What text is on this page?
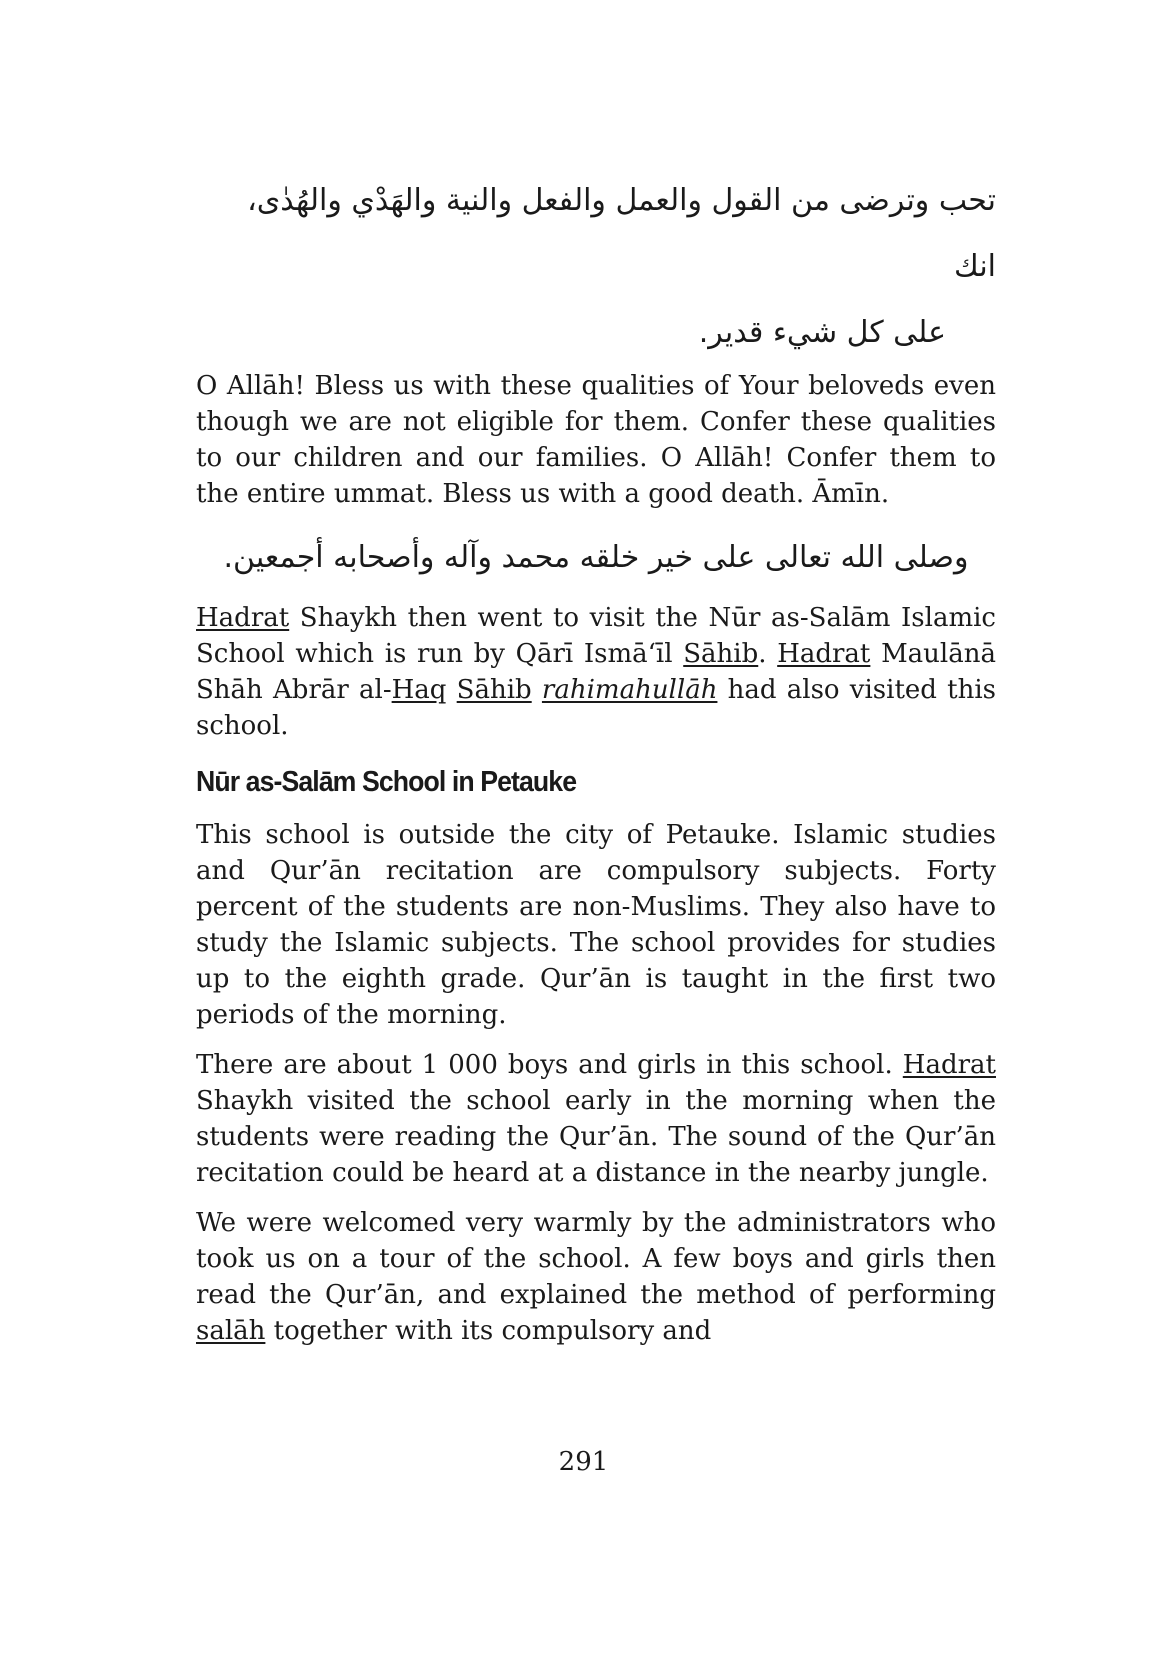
تحب وترضى من القول والعمل والفعل والنية والهَدْي والهُدٰى، انك

على كل شيء قدير.

O Allāh! Bless us with these qualities of Your beloveds even though we are not eligible for them. Confer these qualities to our children and our families. O Allāh! Confer them to the entire ummat. Bless us with a good death. Āmīn.

وصلى الله تعالى على خير خلقه محمد وآله وأصحابه أجمعين.

Hadrat Shaykh then went to visit the Nūr as-Salām Islamic School which is run by Qārī Ismā‘īl Sāhib. Hadrat Maulānā Shāh Abrār al-Haq Sāhib rahimahullāh had also visited this school.

Nūr as-Salām School in Petauke

This school is outside the city of Petauke. Islamic studies and Qur’ān recitation are compulsory subjects. Forty percent of the students are non-Muslims. They also have to study the Islamic subjects. The school provides for studies up to the eighth grade. Qur’ān is taught in the first two periods of the morning.

There are about 1 000 boys and girls in this school. Hadrat Shaykh visited the school early in the morning when the students were reading the Qur’ān. The sound of the Qur’ān recitation could be heard at a distance in the nearby jungle.

We were welcomed very warmly by the administrators who took us on a tour of the school. A few boys and girls then read the Qur’ān, and explained the method of performing salāh together with its compulsory and

291
